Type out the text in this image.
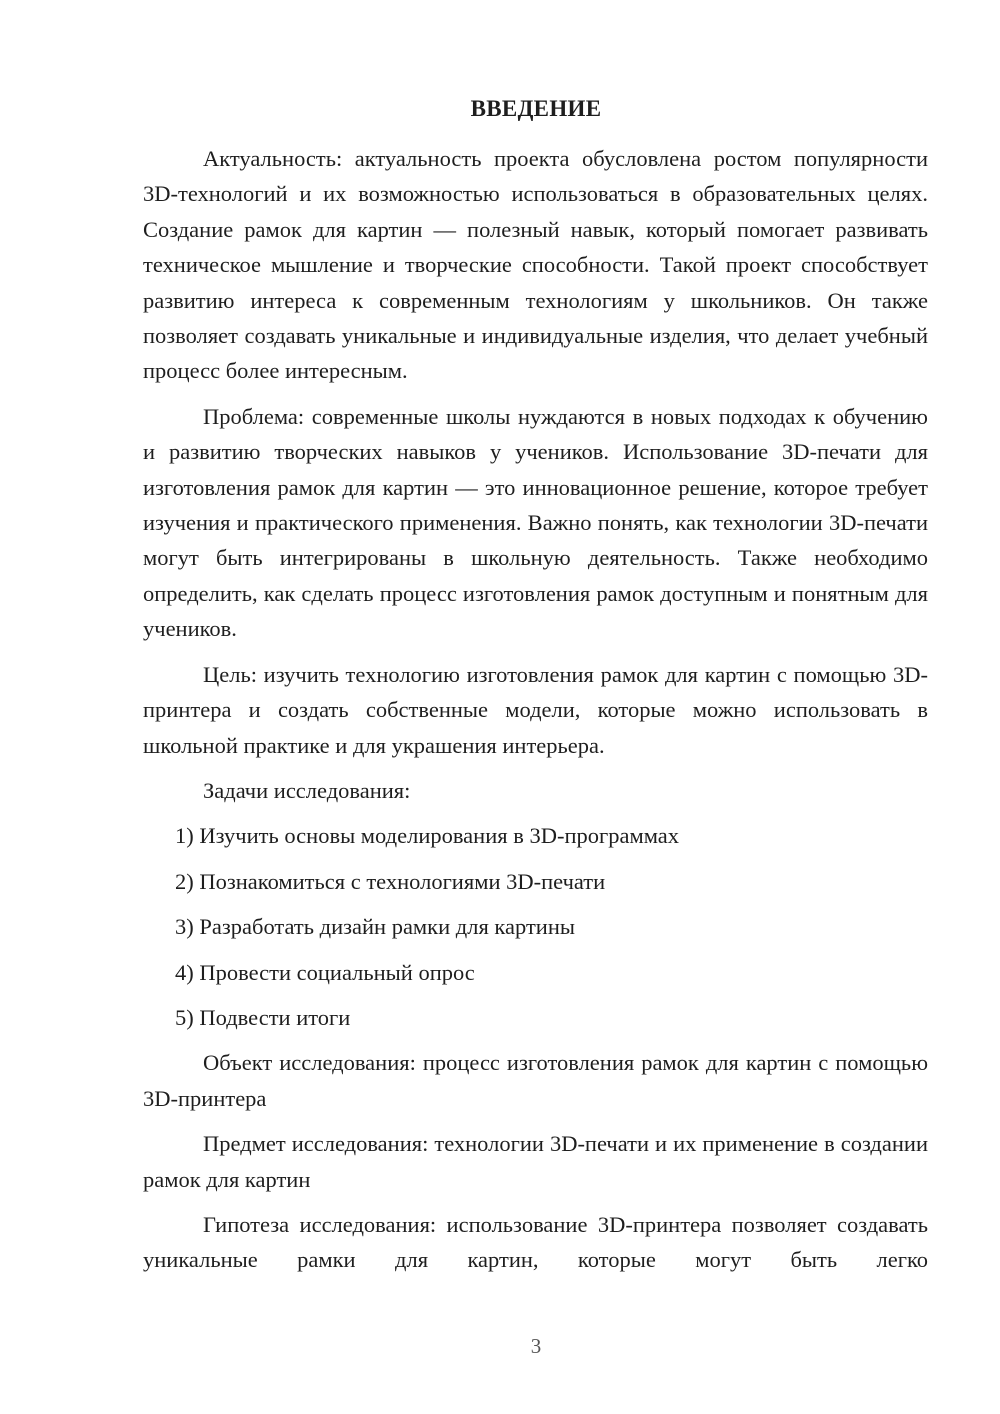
ВВЕДЕНИЕ

Актуальность: актуальность проекта обусловлена ростом популярности 3D-технологий и их возможностью использоваться в образовательных целях. Создание рамок для картин — полезный навык, который помогает развивать техническое мышление и творческие способности. Такой проект способствует развитию интереса к современным технологиям у школьников. Он также позволяет создавать уникальные и индивидуальные изделия, что делает учебный процесс более интересным.

Проблема: современные школы нуждаются в новых подходах к обучению и развитию творческих навыков у учеников. Использование 3D-печати для изготовления рамок для картин — это инновационное решение, которое требует изучения и практического применения. Важно понять, как технологии 3D-печати могут быть интегрированы в школьную деятельность. Также необходимо определить, как сделать процесс изготовления рамок доступным и понятным для учеников.

Цель: изучить технологию изготовления рамок для картин с помощью 3D-принтера и создать собственные модели, которые можно использовать в школьной практике и для украшения интерьера.

Задачи исследования:

1) Изучить основы моделирования в 3D-программах

2) Познакомиться с технологиями 3D-печати

3) Разработать дизайн рамки для картины

4) Провести социальный опрос

5) Подвести итоги

Объект исследования: процесс изготовления рамок для картин с помощью 3D-принтера

Предмет исследования: технологии 3D-печати и их применение в создании рамок для картин

Гипотеза исследования: использование 3D-принтера позволяет создавать уникальные рамки для картин, которые могут быть легко

3
